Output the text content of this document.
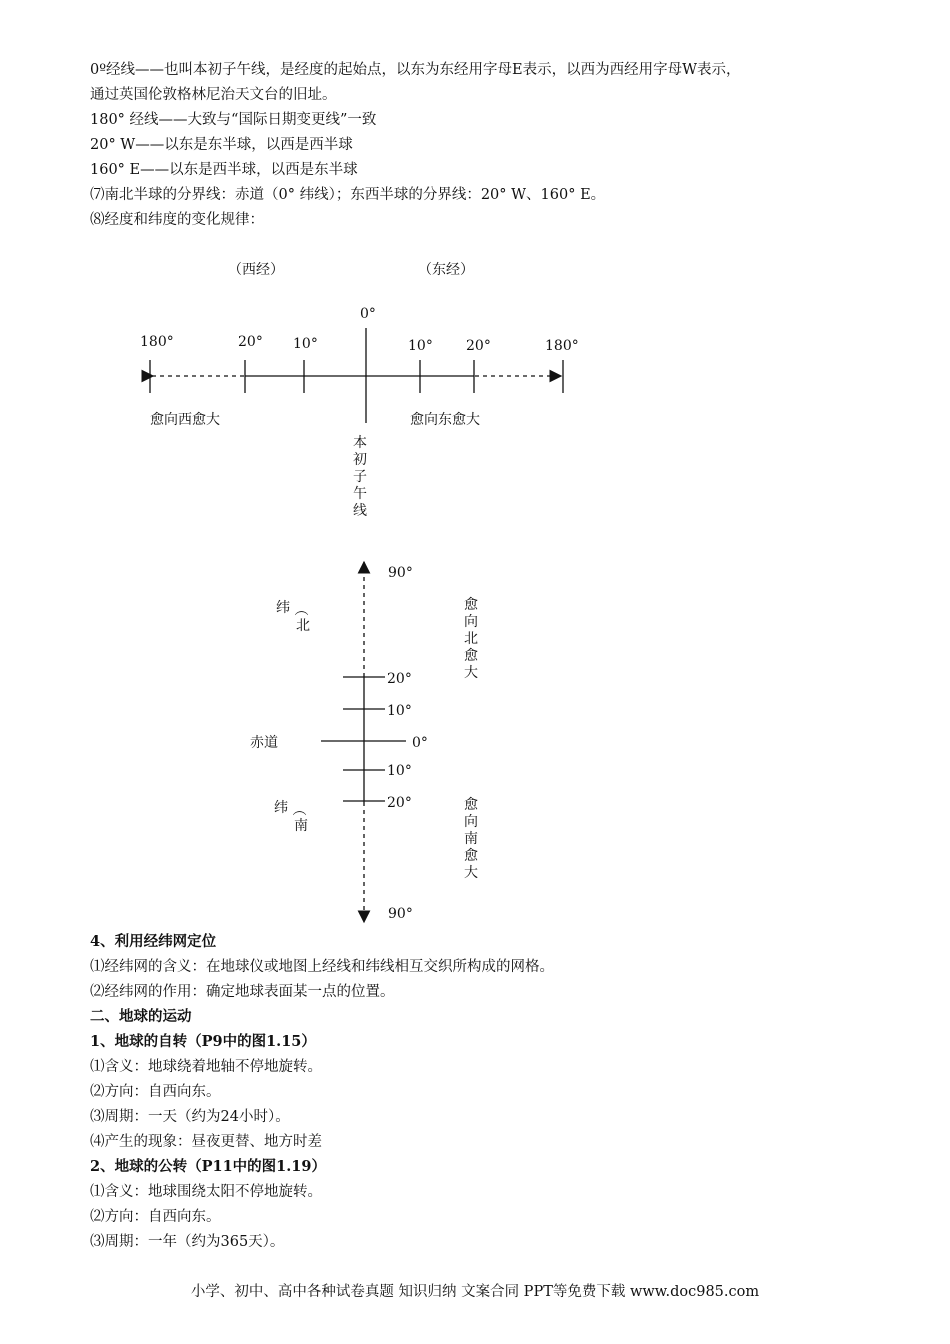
0º经线——也叫本初子午线，是经度的起始点，以东为东经用字母E表示，以西为西经用字母W表示，
通过英国伦敦格林尼治天文台的旧址。
180° 经线——大致与“国际日期变更线”一致
20° W——以东是东半球，以西是西半球
160° E——以东是西半球，以西是东半球
⑺南北半球的分界线：赤道（0° 纬线）；东西半球的分界线：20° W、160° E。
⑻经度和纬度的变化规律：
（西经）	（东经）
0°
180°	20° 10°	10° 20°	180°
愈向西愈大	愈向东愈大
本
初
子
午
线
90°
20°
10°
赤道	0°
10°
20°
90°
纬 （
北
纬 （
南
愈
向
北
愈
大
愈
向
南
愈
大
4、利用经纬网定位
⑴经纬网的含义：在地球仪或地图上经线和纬线相互交织所构成的网格。
⑵经纬网的作用：确定地球表面某一点的位置。
二、地球的运动
1、地球的自转（P9中的图1.15）
⑴含义：地球绕着地轴不停地旋转。
⑵方向：自西向东。
⑶周期：一天（约为24小时）。
⑷产生的现象：昼夜更替、地方时差
2、地球的公转（P11中的图1.19）
⑴含义：地球围绕太阳不停地旋转。
⑵方向：自西向东。
⑶周期：一年（约为365天）。
小学、初中、高中各种试卷真题 知识归纳 文案合同 PPT等免费下载 www.doc985.com
